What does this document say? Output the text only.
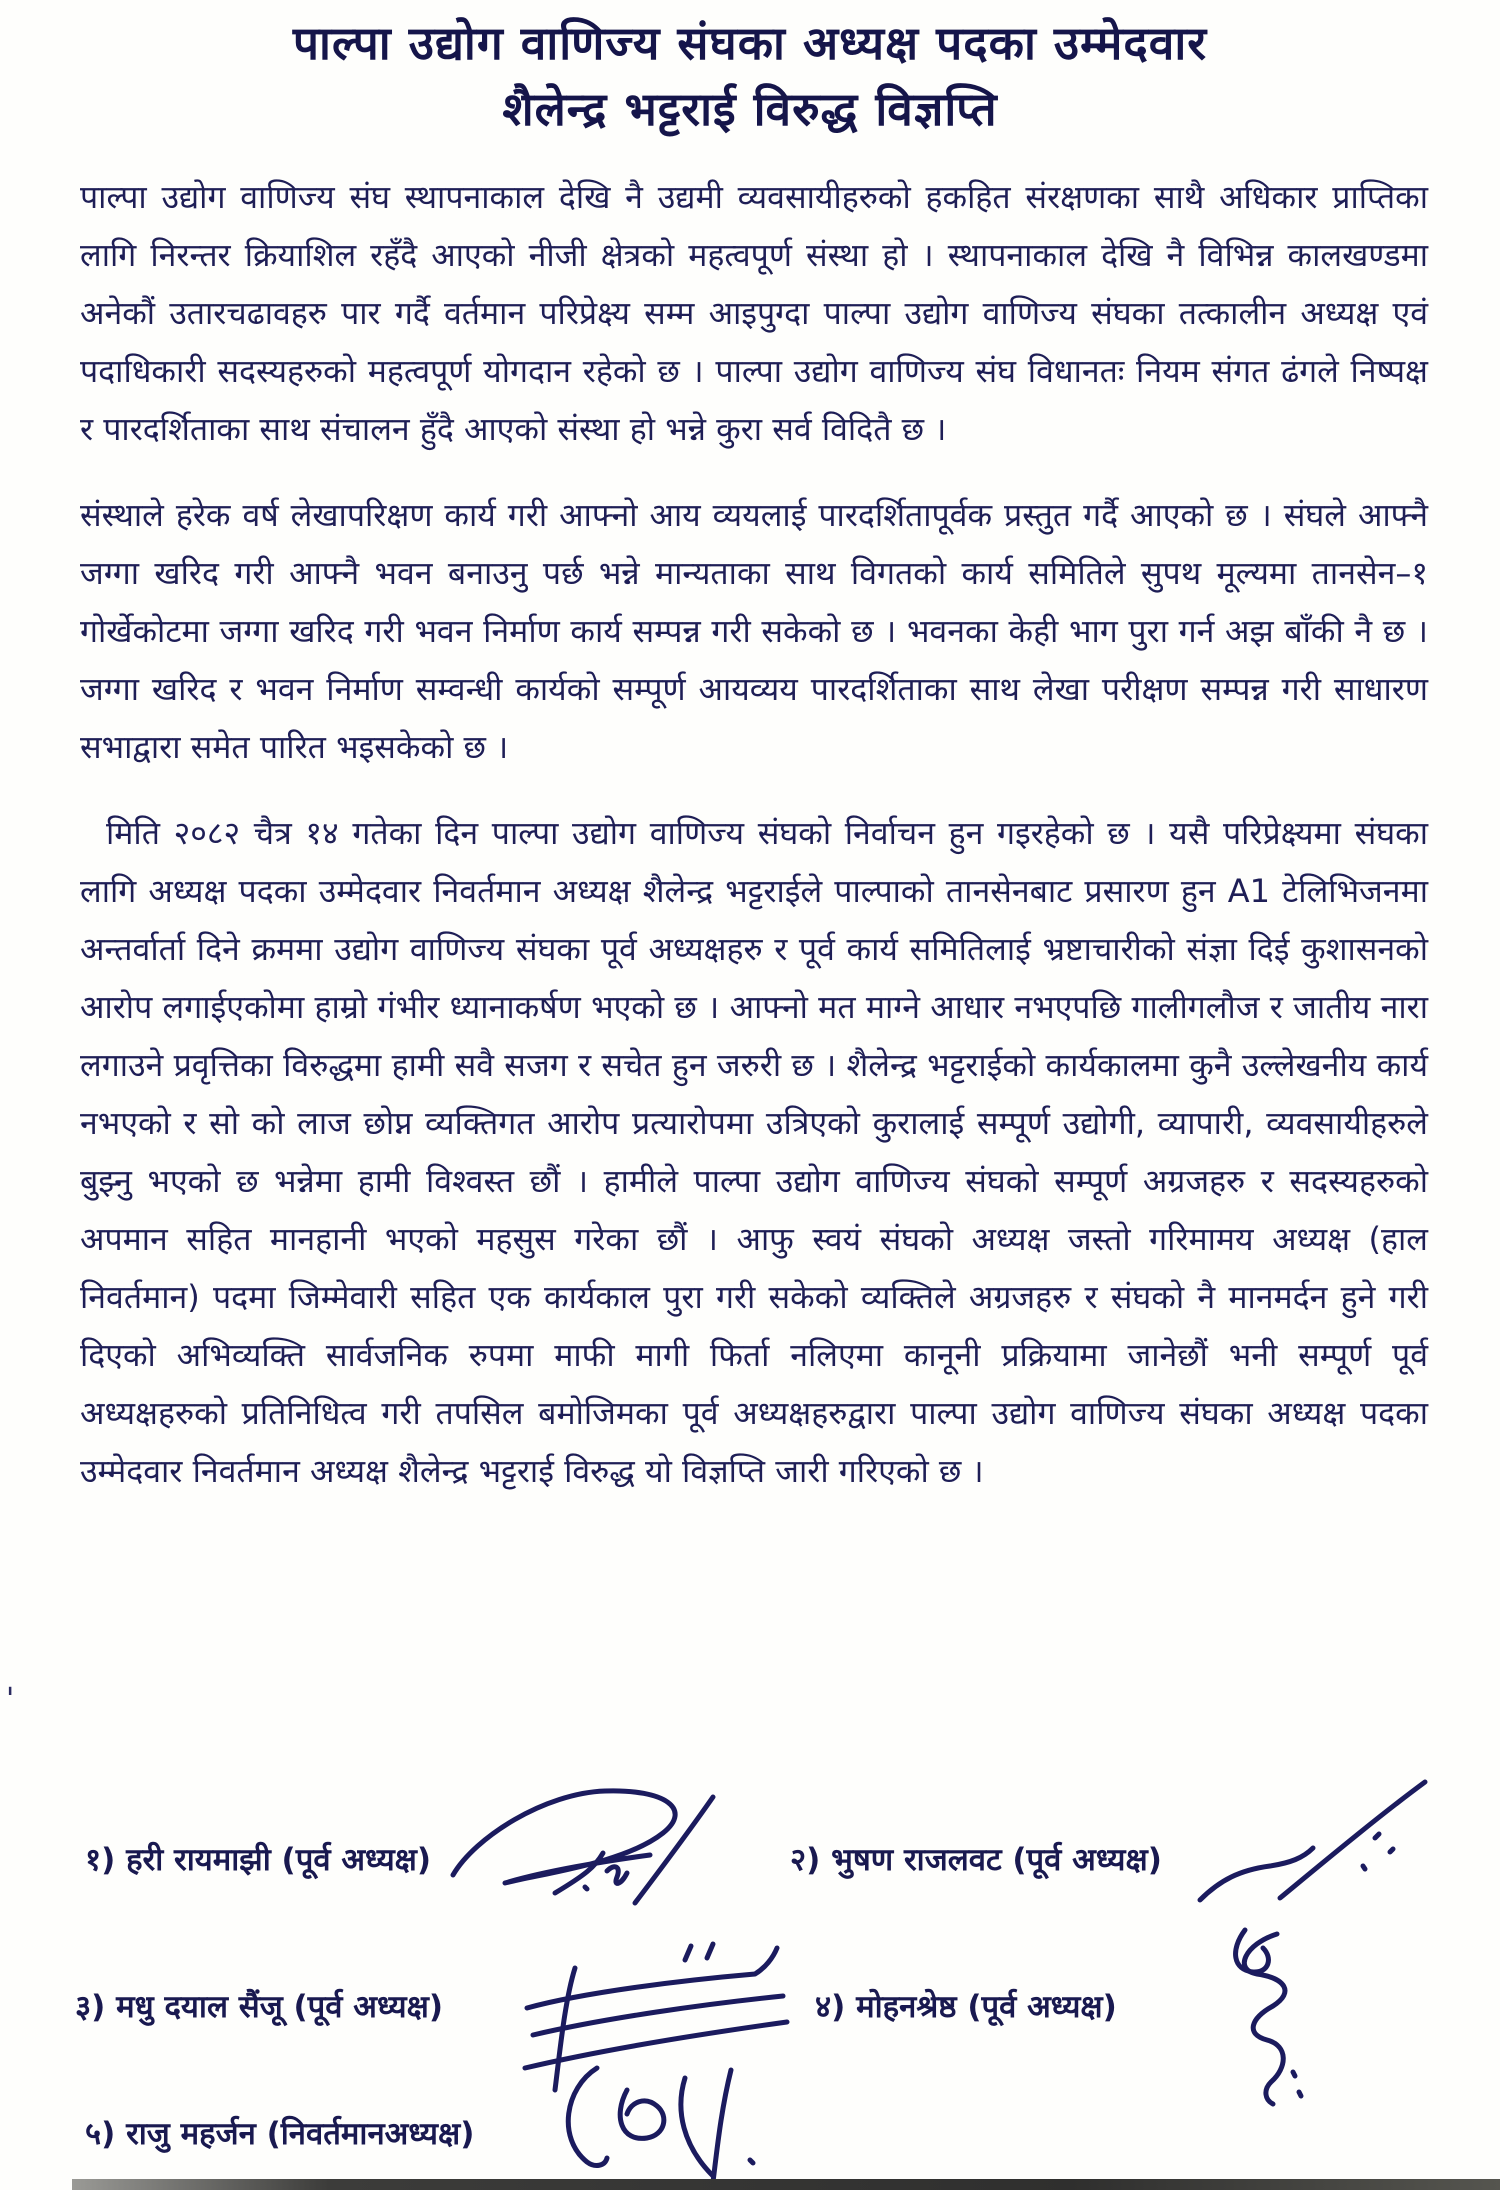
पाल्पा उद्योग वाणिज्य संघका अध्यक्ष पदका उम्मेदवार
शैलेन्द्र भट्टराई विरुद्ध विज्ञप्ति

पाल्पा उद्योग वाणिज्य संघ स्थापनाकाल देखि नै उद्यमी व्यवसायीहरुको हकहित संरक्षणका साथै अधिकार प्राप्तिका लागि निरन्तर क्रियाशिल रहँदै आएको नीजी क्षेत्रको महत्वपूर्ण संस्था हो । स्थापनाकाल देखि नै विभिन्न कालखण्डमा अनेकौं उतारचढावहरु पार गर्दै वर्तमान परिप्रेक्ष्य सम्म आइपुग्दा पाल्पा उद्योग वाणिज्य संघका तत्कालीन अध्यक्ष एवं पदाधिकारी सदस्यहरुको महत्वपूर्ण योगदान रहेको छ । पाल्पा उद्योग वाणिज्य संघ विधानतः नियम संगत ढंगले निष्पक्ष र पारदर्शिताका साथ संचालन हुँदै आएको संस्था हो भन्ने कुरा सर्व विदितै छ ।

संस्थाले हरेक वर्ष लेखापरिक्षण कार्य गरी आफ्नो आय व्ययलाई पारदर्शितापूर्वक प्रस्तुत गर्दै आएको छ । संघले आफ्नै जग्गा खरिद गरी आफ्नै भवन बनाउनु पर्छ भन्ने मान्यताका साथ विगतको कार्य समितिले सुपथ मूल्यमा तानसेन–१ गोर्खेकोटमा जग्गा खरिद गरी भवन निर्माण कार्य सम्पन्न गरी सकेको छ । भवनका केही भाग पुरा गर्न अझ बाँकी नै छ । जग्गा खरिद र भवन निर्माण सम्वन्धी कार्यको सम्पूर्ण आयव्यय पारदर्शिताका साथ लेखा परीक्षण सम्पन्न गरी साधारण सभाद्वारा समेत पारित भइसकेको छ ।

मिति २०८२ चैत्र १४ गतेका दिन पाल्पा उद्योग वाणिज्य संघको निर्वाचन हुन गइरहेको छ । यसै परिप्रेक्ष्यमा संघका लागि अध्यक्ष पदका उम्मेदवार निवर्तमान अध्यक्ष शैलेन्द्र भट्टराईले पाल्पाको तानसेनबाट प्रसारण हुन A1 टेलिभिजनमा अन्तर्वार्ता दिने क्रममा उद्योग वाणिज्य संघका पूर्व अध्यक्षहरु र पूर्व कार्य समितिलाई भ्रष्टाचारीको संज्ञा दिई कुशासनको आरोप लगाईएकोमा हाम्रो गंभीर ध्यानाकर्षण भएको छ । आफ्नो मत माग्ने आधार नभएपछि गालीगलौज र जातीय नारा लगाउने प्रवृत्तिका विरुद्धमा हामी सवै सजग र सचेत हुन जरुरी छ । शैलेन्द्र भट्टराईको कार्यकालमा कुनै उल्लेखनीय कार्य नभएको र सो को लाज छोप्न व्यक्तिगत आरोप प्रत्यारोपमा उत्रिएको कुरालाई सम्पूर्ण उद्योगी, व्यापारी, व्यवसायीहरुले बुझ्नु भएको छ भन्नेमा हामी विश्वस्त छौं । हामीले पाल्पा उद्योग वाणिज्य संघको सम्पूर्ण अग्रजहरु र सदस्यहरुको अपमान सहित मानहानी भएको महसुस गरेका छौं । आफु स्वयं संघको अध्यक्ष जस्तो गरिमामय अध्यक्ष (हाल निवर्तमान) पदमा जिम्मेवारी सहित एक कार्यकाल पुरा गरी सकेको व्यक्तिले अग्रजहरु र संघको नै मानमर्दन हुने गरी दिएको अभिव्यक्ति सार्वजनिक रुपमा माफी मागी फिर्ता नलिएमा कानूनी प्रक्रियामा जानेछौं भनी सम्पूर्ण पूर्व अध्यक्षहरुको प्रतिनिधित्व गरी तपसिल बमोजिमका पूर्व अध्यक्षहरुद्वारा पाल्पा उद्योग वाणिज्य संघका अध्यक्ष पदका उम्मेदवार निवर्तमान अध्यक्ष शैलेन्द्र भट्टराई विरुद्ध यो विज्ञप्ति जारी गरिएको छ ।

'
१) हरी रायमाझी (पूर्व अध्यक्ष)	२) भुषण राजलवट (पूर्व अध्यक्ष)
३) मधु दयाल सैंजू (पूर्व अध्यक्ष)	४) मोहनश्रेष्ठ (पूर्व अध्यक्ष)
५) राजु महर्जन (निवर्तमानअध्यक्ष)
